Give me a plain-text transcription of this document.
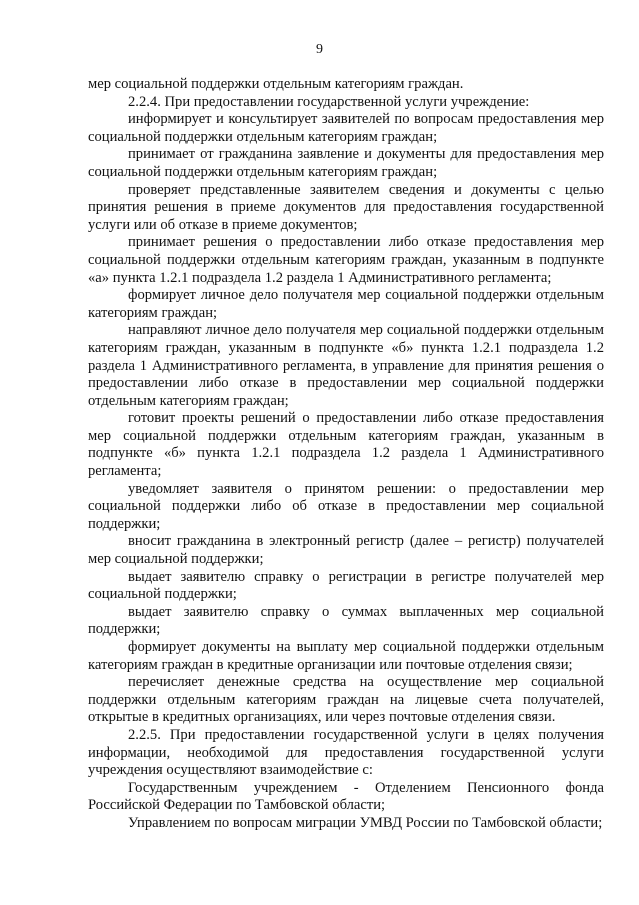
9

мер социальной поддержки отдельным категориям граждан.

2.2.4. При предоставлении государственной услуги учреждение:

информирует и консультирует заявителей по вопросам предоставления мер социальной поддержки отдельным категориям граждан;

принимает от гражданина заявление и документы для предоставления мер социальной поддержки отдельным категориям граждан;

проверяет представленные заявителем сведения и документы с целью принятия решения в приеме документов для предоставления государственной услуги или об отказе в приеме документов;

принимает решения о предоставлении либо отказе предоставления мер социальной поддержки отдельным категориям граждан, указанным в подпункте «а» пункта 1.2.1 подраздела 1.2 раздела 1 Административного регламента;

формирует личное дело получателя мер социальной поддержки отдельным категориям граждан;

направляют личное дело получателя мер социальной поддержки отдельным категориям граждан, указанным в подпункте «б» пункта 1.2.1 подраздела 1.2 раздела 1 Административного регламента, в управление для принятия решения о предоставлении либо отказе в предоставлении мер социальной поддержки отдельным категориям граждан;

готовит проекты решений о предоставлении либо отказе предоставления мер социальной поддержки отдельным категориям граждан, указанным в подпункте «б» пункта 1.2.1 подраздела 1.2 раздела 1 Административного регламента;

уведомляет заявителя о принятом решении: о предоставлении мер социальной поддержки либо об отказе в предоставлении мер социальной поддержки;

вносит гражданина в электронный регистр (далее – регистр) получателей мер социальной поддержки;

выдает заявителю справку о регистрации в регистре получателей мер социальной поддержки;

выдает заявителю справку о суммах выплаченных мер социальной поддержки;

формирует документы на выплату мер социальной поддержки отдельным категориям граждан в кредитные организации или почтовые отделения связи;

перечисляет денежные средства на осуществление мер социальной поддержки отдельным категориям граждан на лицевые счета получателей, открытые в кредитных организациях, или через почтовые отделения связи.

2.2.5. При предоставлении государственной услуги в целях получения информации, необходимой для предоставления государственной услуги учреждения осуществляют взаимодействие с:

Государственным учреждением - Отделением Пенсионного фонда Российской Федерации по Тамбовской области;

Управлением по вопросам миграции УМВД России по Тамбовской области;
